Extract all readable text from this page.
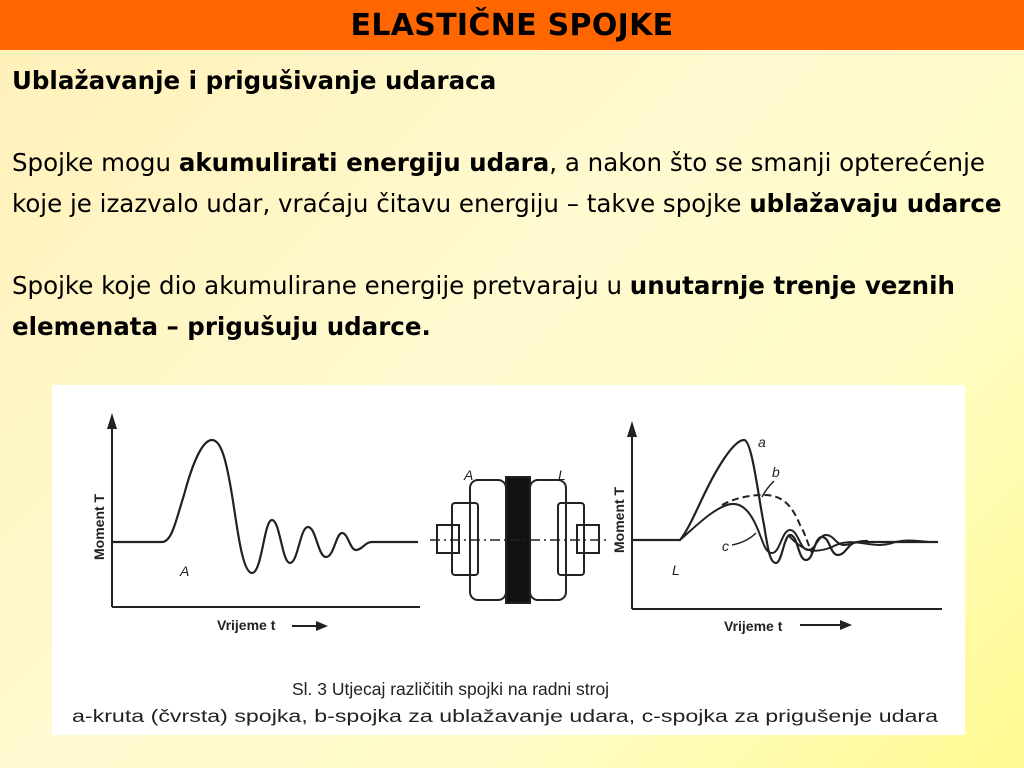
ELASTIČNE SPOJKE

Ublažavanje i prigušivanje udaraca

Spojke mogu akumulirati energiju udara, a nakon što se smanji opterećenje koje je izazvalo udar, vraćaju čitavu energiju – takve spojke ublažavaju udarce

Spojke koje dio akumulirane energije pretvaraju u unutarnje trenje veznih elemenata – prigušuju udarce.

Moment T
Vrijeme t
A
A	L
Moment T
Vrijeme t
L
a
b
c
Sl. 3 Utjecaj različitih spojki na radni stroj
a-kruta (čvrsta) spojka, b-spojka za ublažavanje udara, c-spojka za prigušenje udara
